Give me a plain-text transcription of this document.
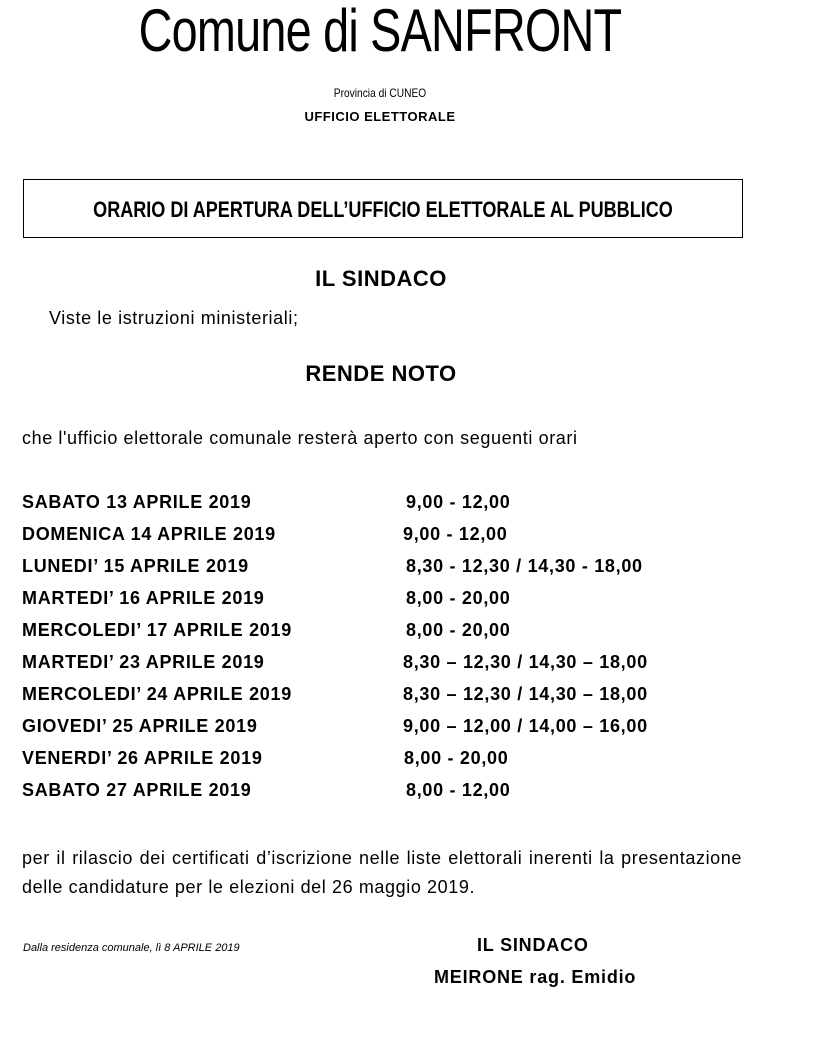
Comune di SANFRONT
Provincia di CUNEO
UFFICIO ELETTORALE
ORARIO DI APERTURA DELL’UFFICIO ELETTORALE AL PUBBLICO
IL SINDACO
Viste le istruzioni ministeriali;
RENDE NOTO
che l'ufficio elettorale comunale resterà aperto con seguenti orari
SABATO 13 APRILE 2019	9,00 - 12,00
DOMENICA 14 APRILE 2019	9,00 - 12,00
LUNEDI’ 15 APRILE 2019	8,30 - 12,30 / 14,30 - 18,00
MARTEDI’ 16 APRILE 2019	8,00 - 20,00
MERCOLEDI’ 17 APRILE 2019	8,00 - 20,00
MARTEDI’ 23 APRILE 2019	8,30 – 12,30 / 14,30 – 18,00
MERCOLEDI’ 24 APRILE 2019	8,30 – 12,30 / 14,30 – 18,00
GIOVEDI’ 25 APRILE 2019	9,00 – 12,00 / 14,00 – 16,00
VENERDI’ 26 APRILE 2019	8,00 - 20,00
SABATO 27 APRILE 2019	8,00 - 12,00
per il rilascio dei certificati d’iscrizione nelle liste elettorali inerenti la presentazione delle candidature per le elezioni del 26 maggio 2019.
Dalla residenza comunale, lì 8 APRILE 2019	IL SINDACO
MEIRONE rag. Emidio
